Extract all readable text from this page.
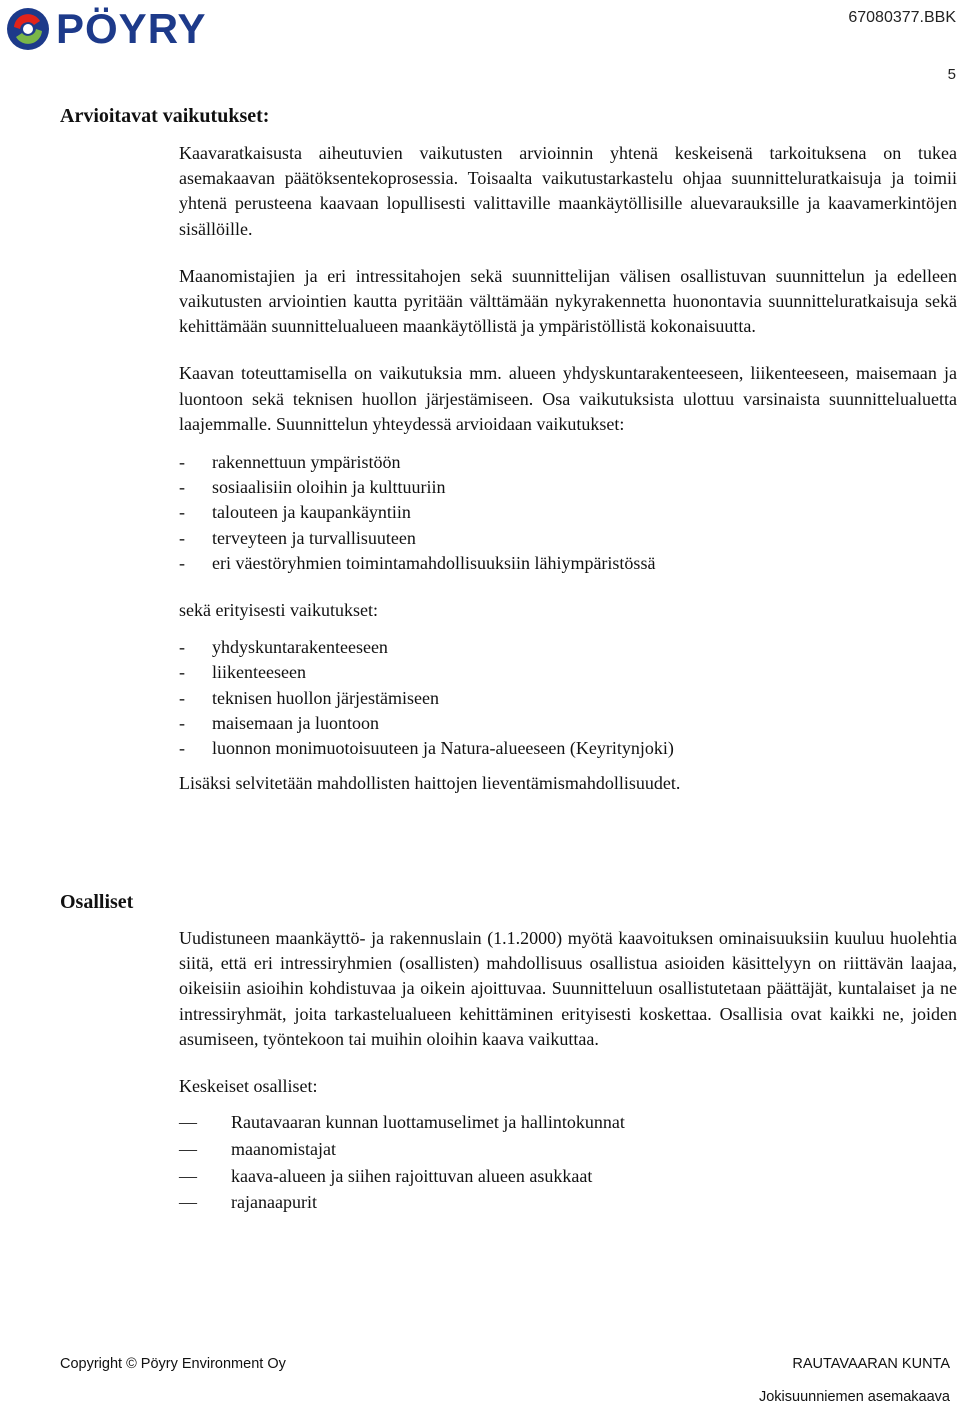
PÖYRY	67080377.BBK
5
Arvioitavat vaikutukset:

Kaavaratkaisusta aiheutuvien vaikutusten arvioinnin yhtenä keskeisenä tarkoituksena on tukea asemakaavan päätöksentekoprosessia. Toisaalta vaikutustarkastelu ohjaa suunnitteluratkaisuja ja toimii yhtenä perusteena kaavaan lopullisesti valittaville maankäytöllisille aluevarauksille ja kaavamerkintöjen sisällöille.

Maanomistajien ja eri intressitahojen sekä suunnittelijan välisen osallistuvan suunnittelun ja edelleen vaikutusten arviointien kautta pyritään välttämään nykyrakennetta huonontavia suunnitteluratkaisuja sekä kehittämään suunnittelualueen maankäytöllistä ja ympäristöllistä kokonaisuutta.

Kaavan toteuttamisella on vaikutuksia mm. alueen yhdyskuntarakenteeseen, liikenteeseen, maisemaan ja luontoon sekä teknisen huollon järjestämiseen. Osa vaikutuksista ulottuu varsinaista suunnittelualuetta laajemmalle. Suunnittelun yhteydessä arvioidaan vaikutukset:

- rakennettuun ympäristöön
- sosiaalisiin oloihin ja kulttuuriin
- talouteen ja kaupankäyntiin
- terveyteen ja turvallisuuteen
- eri väestöryhmien toimintamahdollisuuksiin lähiympäristössä

sekä erityisesti vaikutukset:

- yhdyskuntarakenteeseen
- liikenteeseen
- teknisen huollon järjestämiseen
- maisemaan ja luontoon
- luonnon monimuotoisuuteen ja Natura-alueeseen (Keyritynjoki)

Lisäksi selvitetään mahdollisten haittojen lieventämismahdollisuudet.

Osalliset

Uudistuneen maankäyttö- ja rakennuslain (1.1.2000) myötä kaavoituksen ominaisuuksiin kuuluu huolehtia siitä, että eri intressiryhmien (osallisten) mahdollisuus osallistua asioiden käsittelyyn on riittävän laajaa, oikeisiin asioihin kohdistuvaa ja oikein ajoittuvaa. Suunnitteluun osallistutetaan päättäjät, kuntalaiset ja ne intressiryhmät, joita tarkastelualueen kehittäminen erityisesti koskettaa. Osallisia ovat kaikki ne, joiden asumiseen, työntekoon tai muihin oloihin kaava vaikuttaa.

Keskeiset osalliset:

— Rautavaaran kunnan luottamuselimet ja hallintokunnat
— maanomistajat
— kaava-alueen ja siihen rajoittuvan alueen asukkaat
— rajanaapurit
Copyright © Pöyry Environment Oy	RAUTAVAARAN KUNTA
Jokisuunniemen asemakaava
